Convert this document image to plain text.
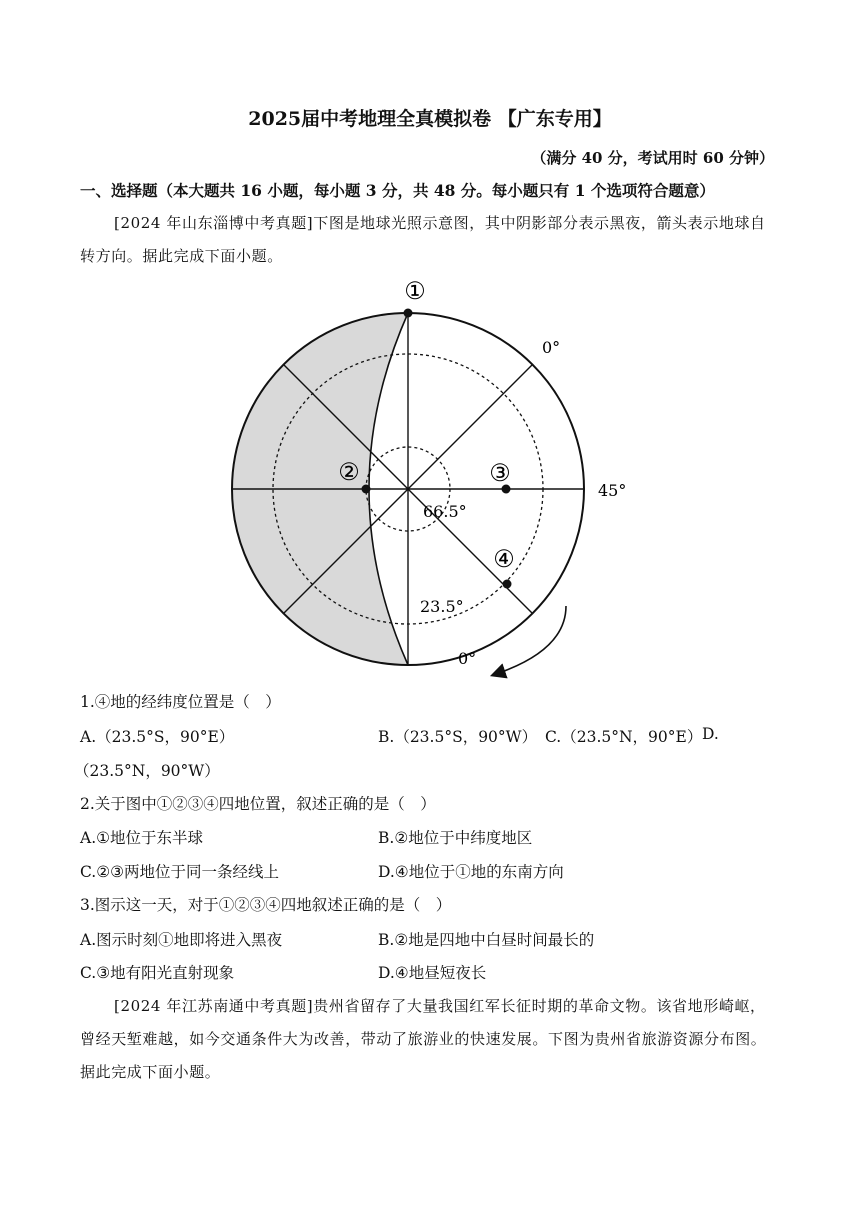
2025届中考地理全真模拟卷 【广东专用】
（满分 40 分，考试用时 60 分钟）
一、选择题（本大题共 16 小题，每小题 3 分，共 48 分。每小题只有 1 个选项符合题意）
[2024 年山东淄博中考真题]下图是地球光照示意图，其中阴影部分表示黑夜，箭头表示地球自转方向。据此完成下面小题。
①
②	③
④
0°
45°
0°
66.5°
23.5°
1.④地的经纬度位置是（　）
A.（23.5°S，90°E）	B.（23.5°S，90°W） C.（23.5°N，90°E） D.
（23.5°N，90°W）
2.关于图中①②③④四地位置，叙述正确的是（　）
A.①地位于东半球	B.②地位于中纬度地区
C.②③两地位于同一条经线上	D.④地位于①地的东南方向
3.图示这一天，对于①②③④四地叙述正确的是（　）
A.图示时刻①地即将进入黑夜	B.②地是四地中白昼时间最长的
C.③地有阳光直射现象	D.④地昼短夜长
[2024 年江苏南通中考真题]贵州省留存了大量我国红军长征时期的革命文物。该省地形崎岖，曾经天堑难越，如今交通条件大为改善，带动了旅游业的快速发展。下图为贵州省旅游资源分布图。据此完成下面小题。
